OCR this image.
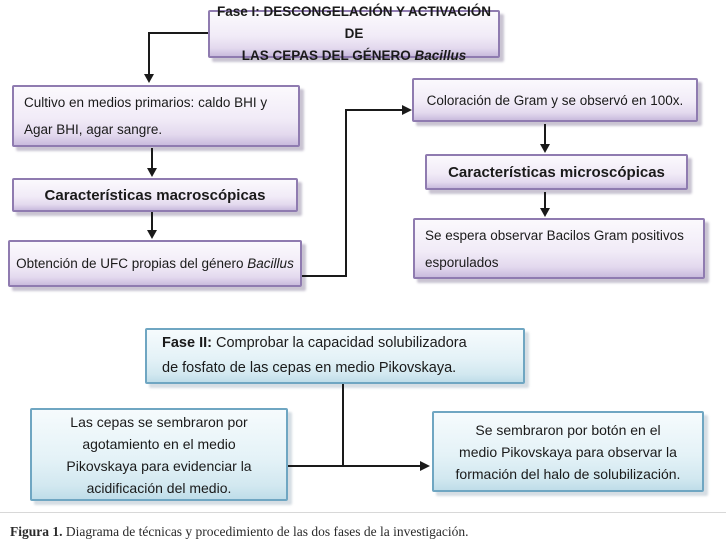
Fase I: DESCONGELACIÓN Y ACTIVACIÓN DE
LAS CEPAS DEL GÉNERO Bacillus
Cultivo en medios primarios: caldo BHI y
Agar BHI, agar sangre.
Características macroscópicas
Obtención de UFC propias del género Bacillus
Coloración de Gram y se observó en 100x.
Características microscópicas
Se espera observar Bacilos Gram positivos
esporulados
Fase II: Comprobar la capacidad solubilizadora
de fosfato de las cepas en medio Pikovskaya.
Las cepas se sembraron por
agotamiento en el medio
Pikovskaya para evidenciar la
acidificación del medio.
Se sembraron por botón en el
medio Pikovskaya para observar la
formación del halo de solubilización.
Figura 1. Diagrama de técnicas y procedimiento de las dos fases de la investigación.
